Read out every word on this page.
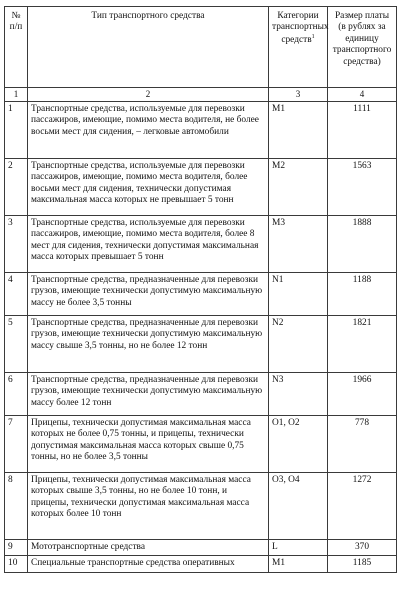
№ п/п	Тип транспортного средства	Категории транспортных средств$^1$	Размер платы (в рублях за единицу транспортного средства)
1	2	3	4
1	Транспортные средства, используемые для перевозки пассажиров, имеющие, помимо места водителя, не более восьми мест для сидения, – легковые автомобили	M1	1111
2	Транспортные средства, используемые для перевозки пассажиров, имеющие, помимо места водителя, более восьми мест для сидения, технически допустимая максимальная масса которых не превышает 5 тонн	M2	1563
3	Транспортные средства, используемые для перевозки пассажиров, имеющие, помимо места водителя, более 8 мест для сидения, технически допустимая максимальная масса которых превышает 5 тонн	M3	1888
4	Транспортные средства, предназначенные для перевозки грузов, имеющие технически допустимую максимальную массу не более 3,5 тонны	N1	1188
5	Транспортные средства, предназначенные для перевозки грузов, имеющие технически допустимую максимальную массу свыше 3,5 тонны, но не более 12 тонн	N2	1821
6	Транспортные средства, предназначенные для перевозки грузов, имеющие технически допустимую максимальную массу более 12 тонн	N3	1966
7	Прицепы, технически допустимая максимальная масса которых не более 0,75 тонны, и прицепы, технически допустимая максимальная масса которых свыше 0,75 тонны, но не более 3,5 тонны	O1, O2	778
8	Прицепы, технически допустимая максимальная масса которых свыше 3,5 тонны, но не более 10 тонн, и прицепы, технически допустимая максимальная масса которых более 10 тонн	O3, O4	1272
9	Мототранспортные средства	L	370
10	Специальные транспортные средства оперативных	M1	1185
